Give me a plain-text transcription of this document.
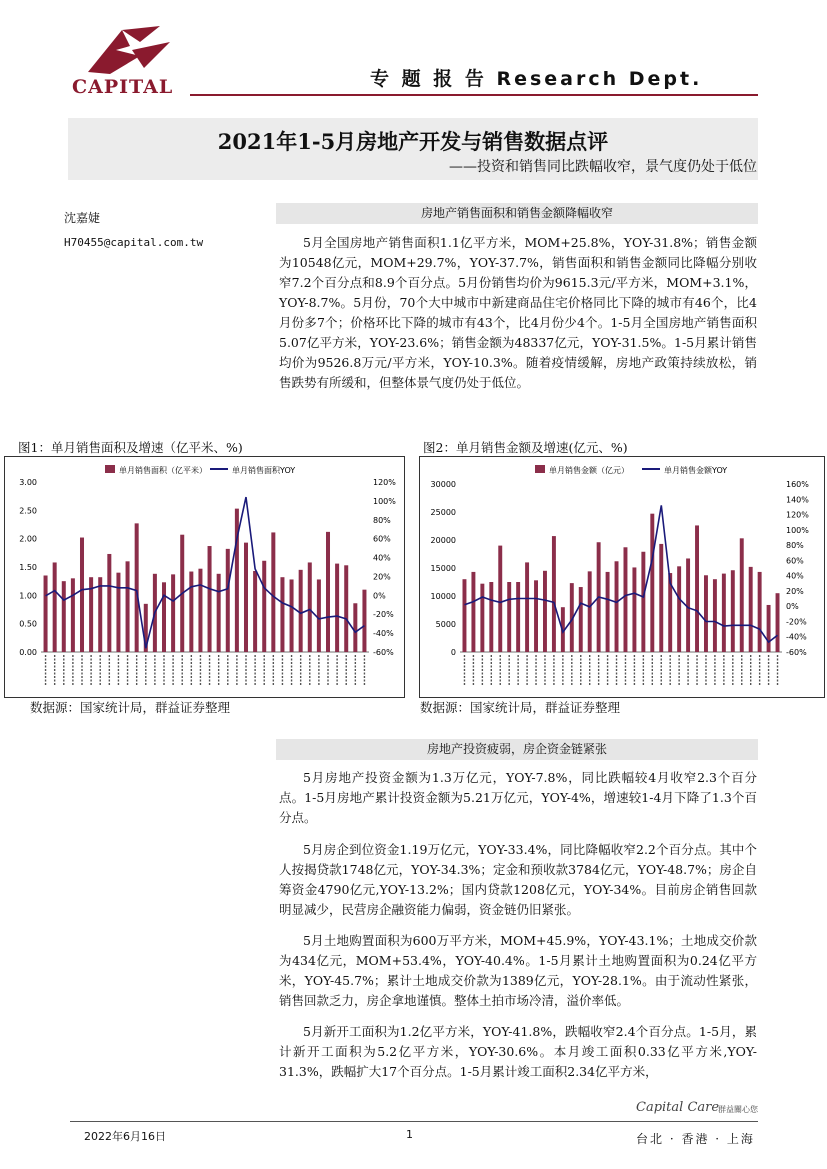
CAPITAL	专 题 报 告 Research Dept.
2021年1-5月房地产开发与销售数据点评
——投资和销售同比跌幅收窄，景气度仍处于低位
沈嘉婕
H70455@capital.com.tw
房地产销售面积和销售金额降幅收窄
5月全国房地产销售面积1.1亿平方米，MOM+25.8%，YOY-31.8%；销售金额为10548亿元，MOM+29.7%，YOY-37.7%，销售面积和销售金额同比降幅分别收窄7.2个百分点和8.9个百分点。5月份销售均价为9615.3元/平方米，MOM+3.1%，YOY-8.7%。5月份，70个大中城市中新建商品住宅价格同比下降的城市有46个，比4月份多7个；价格环比下降的城市有43个，比4月份少4个。1-5月全国房地产销售面积5.07亿平方米，YOY-23.6%；销售金额为48337亿元，YOY-31.5%。1-5月累计销售均价为9526.8万元/平方米，YOY-10.3%。随着疫情缓解，房地产政策持续放松，销售跌势有所缓和，但整体景气度仍处于低位。
图1：单月销售面积及增速（亿平米、%)	图2：单月销售金额及增速(亿元、%)
单月销售面积（亿平米）	单月销售面积YOY
0.00
0.50
1.00
1.50
2.00
2.50
3.00
-60%
-40%
-20%
0%
20%
40%
60%
80%
100%
120%
单月销售金额（亿元）	单月销售金额YOY
0
5000
10000
15000
20000
25000
30000
-60%
-40%
-20%
0%
20%
40%
60%
80%
100%
120%
140%
160%
数据源：国家统计局，群益证券整理	数据源：国家统计局，群益证券整理
房地产投资疲弱，房企资金链紧张
5月房地产投资金额为1.3万亿元，YOY-7.8%，同比跌幅较4月收窄2.3个百分点。1-5月房地产累计投资金额为5.21万亿元，YOY-4%，增速较1-4月下降了1.3个百分点。
5月房企到位资金1.19万亿元，YOY-33.4%，同比降幅收窄2.2个百分点。其中个人按揭贷款1748亿元，YOY-34.3%；定金和预收款3784亿元，YOY-48.7%；房企自筹资金4790亿元,YOY-13.2%；国内贷款1208亿元，YOY-34%。目前房企销售回款明显减少，民营房企融资能力偏弱，资金链仍旧紧张。
5月土地购置面积为600万平方米，MOM+45.9%，YOY-43.1%；土地成交价款为434亿元，MOM+53.4%，YOY-40.4%。1-5月累计土地购置面积为0.24亿平方米，YOY-45.7%；累计土地成交价款为1389亿元，YOY-28.1%。由于流动性紧张，销售回款乏力，房企拿地谨慎。整体土拍市场冷清，溢价率低。
5月新开工面积为1.2亿平方米，YOY-41.8%，跌幅收窄2.4个百分点。1-5月，累计新开工面积为5.2亿平方米，YOY-30.6%。本月竣工面积0.33亿平方米,YOY-31.3%，跌幅扩大17个百分点。1-5月累计竣工面积2.34亿平方米，
Capital Care
群益關心您
2022年6月16日	1	台北 · 香港 · 上海
